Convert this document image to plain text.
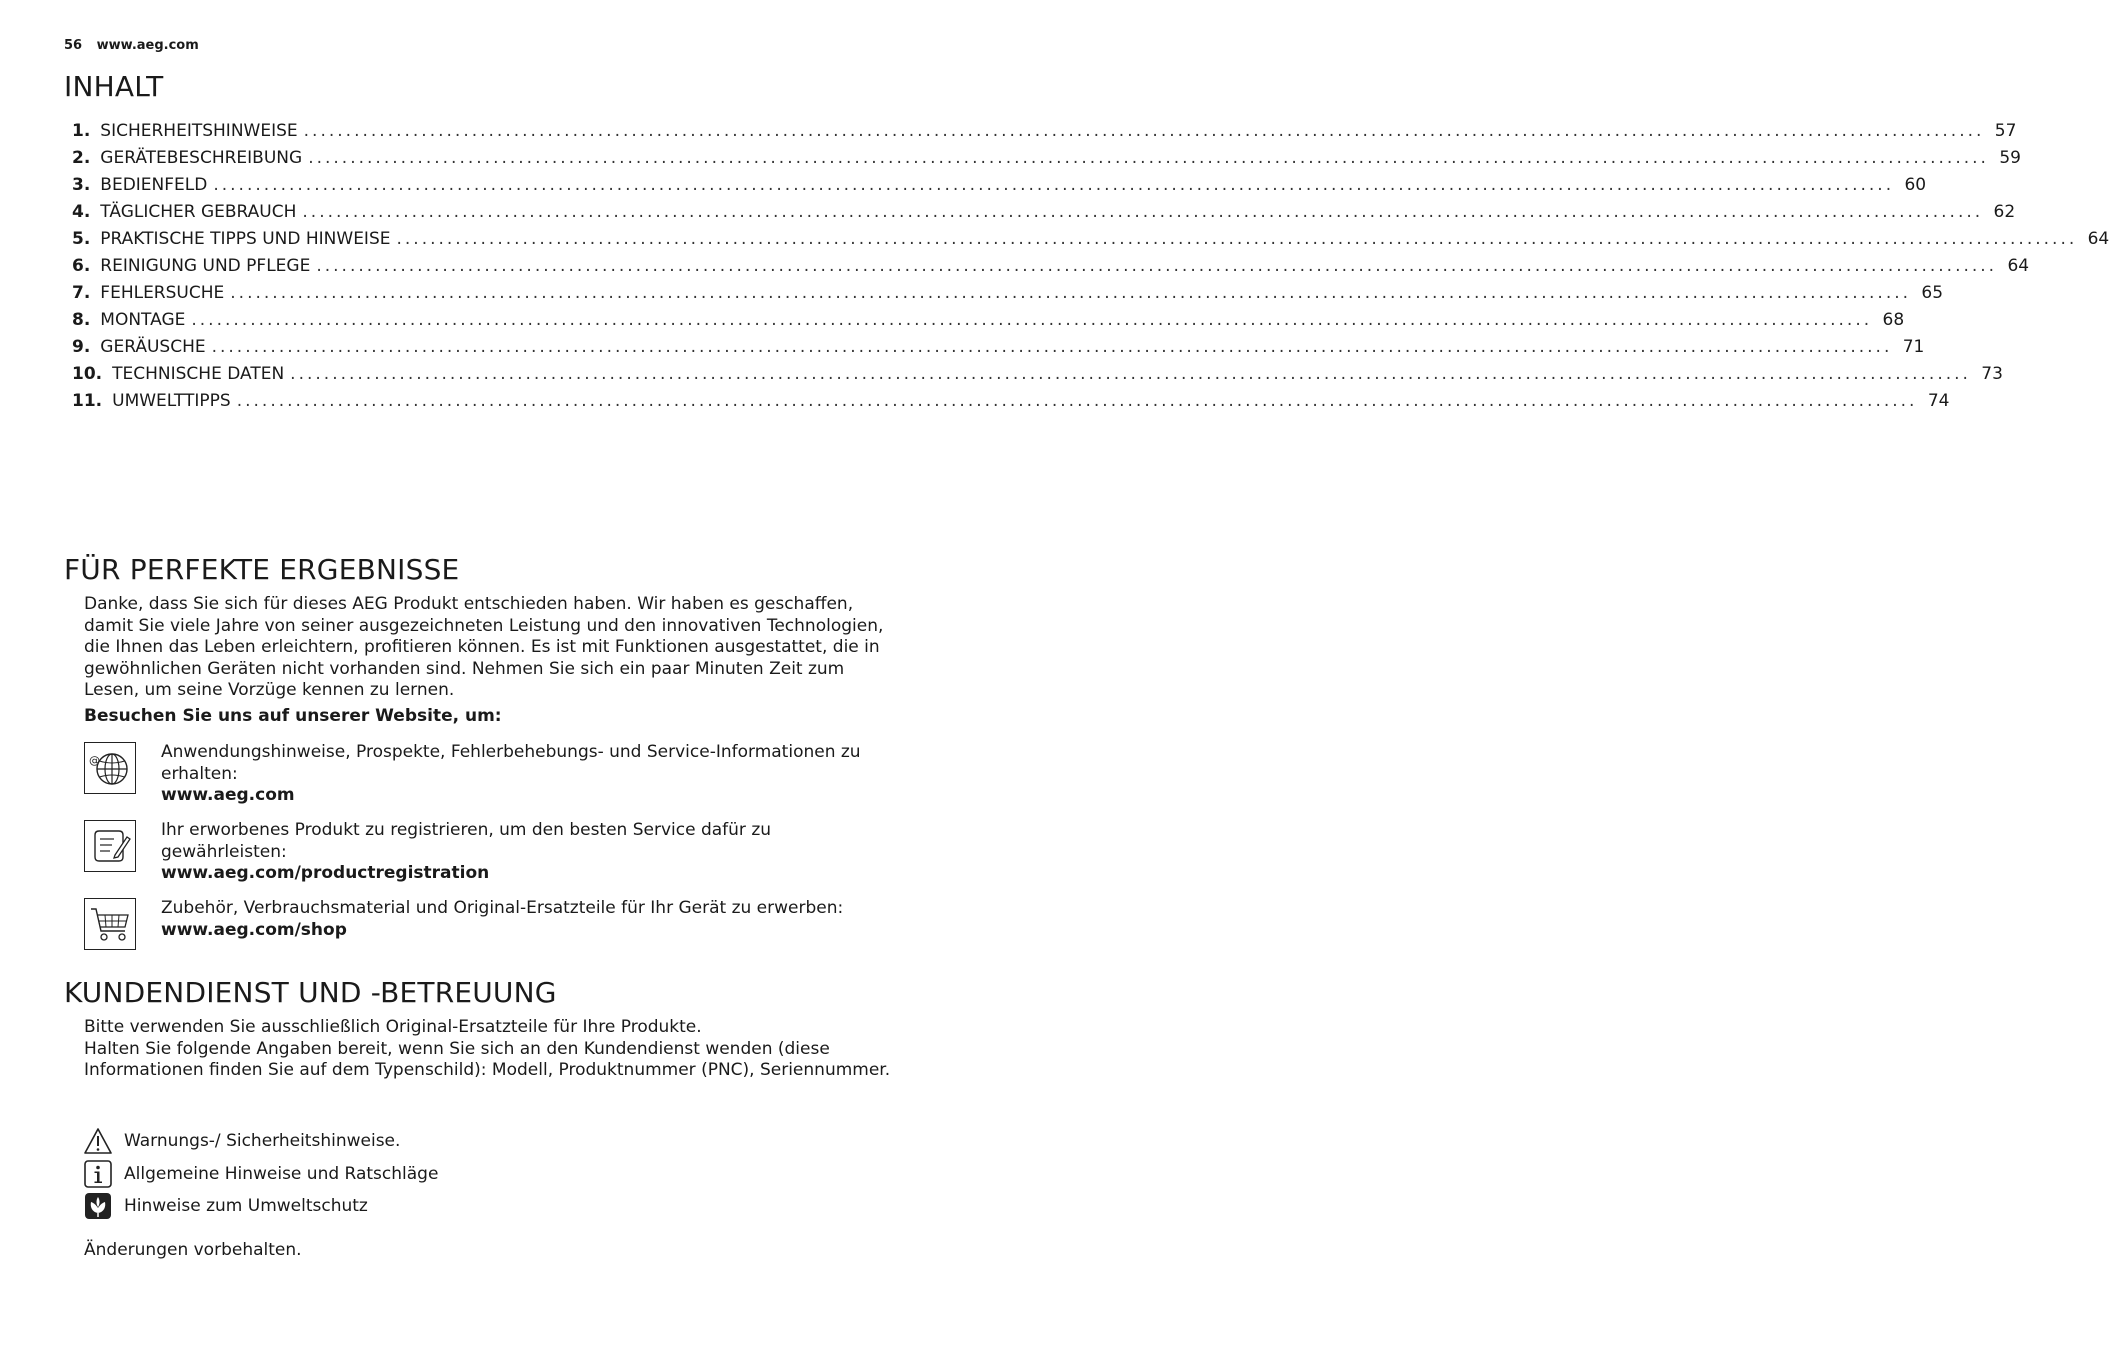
56 www.aeg.com
INHALT
1. SICHERHEITSHINWEISE ........................................................................................................................................................................................................ 57
2. GERÄTEBESCHREIBUNG ........................................................................................................................................................................................................ 59
3. BEDIENFELD ........................................................................................................................................................................................................ 60
4. TÄGLICHER GEBRAUCH ........................................................................................................................................................................................................ 62
5. PRAKTISCHE TIPPS UND HINWEISE ........................................................................................................................................................................................................ 64
6. REINIGUNG UND PFLEGE ........................................................................................................................................................................................................ 64
7. FEHLERSUCHE ........................................................................................................................................................................................................ 65
8. MONTAGE ........................................................................................................................................................................................................ 68
9. GERÄUSCHE ........................................................................................................................................................................................................ 71
10. TECHNISCHE DATEN ........................................................................................................................................................................................................ 73
11. UMWELTTIPPS ........................................................................................................................................................................................................ 74
FÜR PERFEKTE ERGEBNISSE
Danke, dass Sie sich für dieses AEG Produkt entschieden haben. Wir haben es geschaffen, damit Sie viele Jahre von seiner ausgezeichneten Leistung und den innovativen Technologien, die Ihnen das Leben erleichtern, profitieren können. Es ist mit Funktionen ausgestattet, die in gewöhnlichen Geräten nicht vorhanden sind. Nehmen Sie sich ein paar Minuten Zeit zum Lesen, um seine Vorzüge kennen zu lernen.
Besuchen Sie uns auf unserer Website, um:
@	Anwendungshinweise, Prospekte, Fehlerbehebungs- und Service-Informationen zu erhalten:
www.aeg.com
Ihr erworbenes Produkt zu registrieren, um den besten Service dafür zu gewährleisten:
www.aeg.com/productregistration
Zubehör, Verbrauchsmaterial und Original-Ersatzteile für Ihr Gerät zu erwerben:
www.aeg.com/shop
KUNDENDIENST UND -BETREUUNG
Bitte verwenden Sie ausschließlich Original-Ersatzteile für Ihre Produkte.
Halten Sie folgende Angaben bereit, wenn Sie sich an den Kundendienst wenden (diese Informationen finden Sie auf dem Typenschild): Modell, Produktnummer (PNC), Seriennummer.
Warnungs-/ Sicherheitshinweise.
Allgemeine Hinweise und Ratschläge
Hinweise zum Umweltschutz
Änderungen vorbehalten.
